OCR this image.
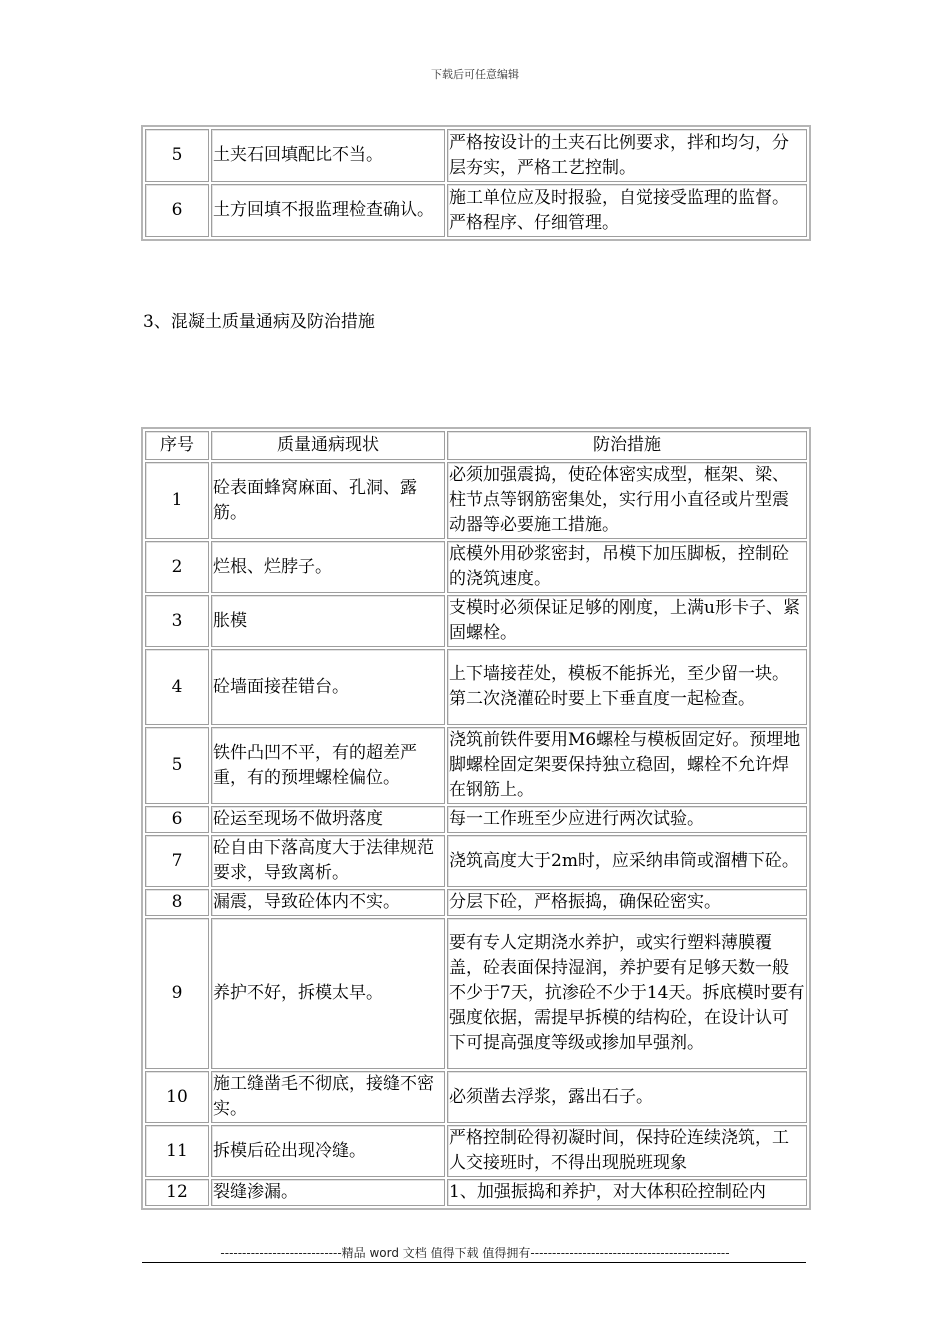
下载后可任意编辑
5	土夹石回填配比不当。	严格按设计的土夹石比例要求，拌和均匀，分层夯实，严格工艺控制。
6	土方回填不报监理检查确认。	施工单位应及时报验，自觉接受监理的监督。严格程序、仔细管理。
3、混凝土质量通病及防治措施
序号	质量通病现状	防治措施
1	砼表面蜂窝麻面、孔洞、露筋。	必须加强震捣，使砼体密实成型，框架、梁、柱节点等钢筋密集处，实行用小直径或片型震动器等必要施工措施。
2	烂根、烂脖子。	底模外用砂浆密封，吊模下加压脚板，控制砼的浇筑速度。
3	胀模	支模时必须保证足够的刚度，上满u形卡子、紧固螺栓。
4	砼墙面接茬错台。	上下墙接茬处，模板不能拆光，至少留一块。第二次浇灌砼时要上下垂直度一起检查。
5	铁件凸凹不平，有的超差严重，有的预埋螺栓偏位。	浇筑前铁件要用M6螺栓与模板固定好。预埋地脚螺栓固定架要保持独立稳固，螺栓不允许焊在钢筋上。
6	砼运至现场不做坍落度	每一工作班至少应进行两次试验。
7	砼自由下落高度大于法律规范要求，导致离析。	浇筑高度大于2m时，应采纳串筒或溜槽下砼。
8	漏震，导致砼体内不实。	分层下砼，严格振捣，确保砼密实。
9	养护不好，拆模太早。	要有专人定期浇水养护，或实行塑料薄膜覆盖，砼表面保持湿润，养护要有足够天数一般不少于7天，抗渗砼不少于14天。拆底模时要有强度依据，需提早拆模的结构砼，在设计认可下可提高强度等级或掺加早强剂。
10	施工缝凿毛不彻底，接缝不密实。	必须凿去浮浆，露出石子。
11	拆模后砼出现冷缝。	严格控制砼得初凝时间，保持砼连续浇筑，工人交接班时，不得出现脱班现象
12	裂缝渗漏。	1、加强振捣和养护，对大体积砼控制砼内
----------------------------精品 word 文档 值得下载 值得拥有----------------------------------------------
